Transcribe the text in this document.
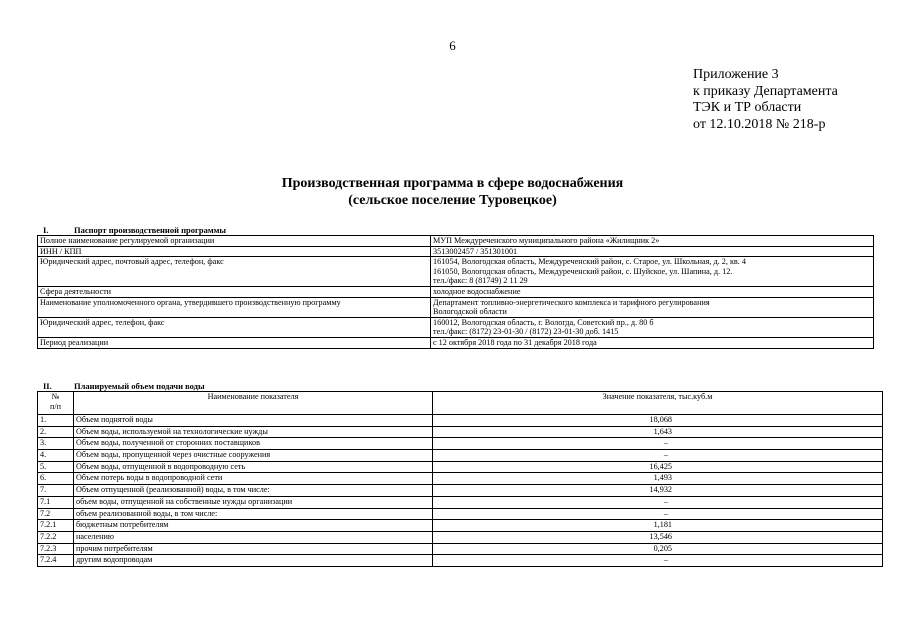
6
Приложение 3
к приказу Департамента
ТЭК и ТР области
от 12.10.2018 № 218-р
Производственная программа в сфере водоснабжения
(сельское поселение Туровецкое)
I.	Паспорт производственной программы
Полное наименование регулируемой организации	МУП Междуреченского муниципального района «Жилищник 2»

ИНН / КПП	3513002457 / 351301001

Юридический адрес, почтовый адрес, телефон, факс	161054, Вологодская область, Междуреченский район, с. Старое, ул. Школьная, д. 2, кв. 4
161050, Вологодская область, Междуреченский район, с. Шуйское, ул. Шапина, д. 12.
тел./факс: 8 (81749) 2 11 29

Сфера деятельности	холодное водоснабжение

Наименование уполномоченного органа, утвердившего производственную программу	Департамент топливно-энергетического комплекса и тарифного регулирования
Вологодской области

Юридический адрес, телефон, факс	160012, Вологодская область, г. Вологда, Советский пр., д. 80 б
тел./факс: (8172) 23-01-30 / (8172) 23-01-30 доб. 1415

Период реализации	с 12 октября 2018 года по 31 декабря 2018 года
II.	Планируемый объем подачи воды
№
п/п	Наименование показателя	Значение показателя, тыс.куб.м
1.	Объем поднятой воды	18,068
2.	Объем воды, используемой на технологические нужды	1,643
3.	Объем воды, полученной от сторонних поставщиков	–
4.	Объем воды, пропущенной через очистные сооружения	–
5.	Объем воды, отпущенной в водопроводную сеть	16,425
6.	Объем потерь воды в водопроводной сети	1,493
7.	Объем отпущенной (реализованной) воды, в том числе:	14,932
7.1	объем воды, отпущенной на собственные нужды организации	–
7.2	объем реализованной воды, в том числе:	–
7.2.1	бюджетным потребителям	1,181
7.2.2	населению	13,546
7.2.3	прочим потребителям	0,205
7.2.4	другим водопроводам	–
